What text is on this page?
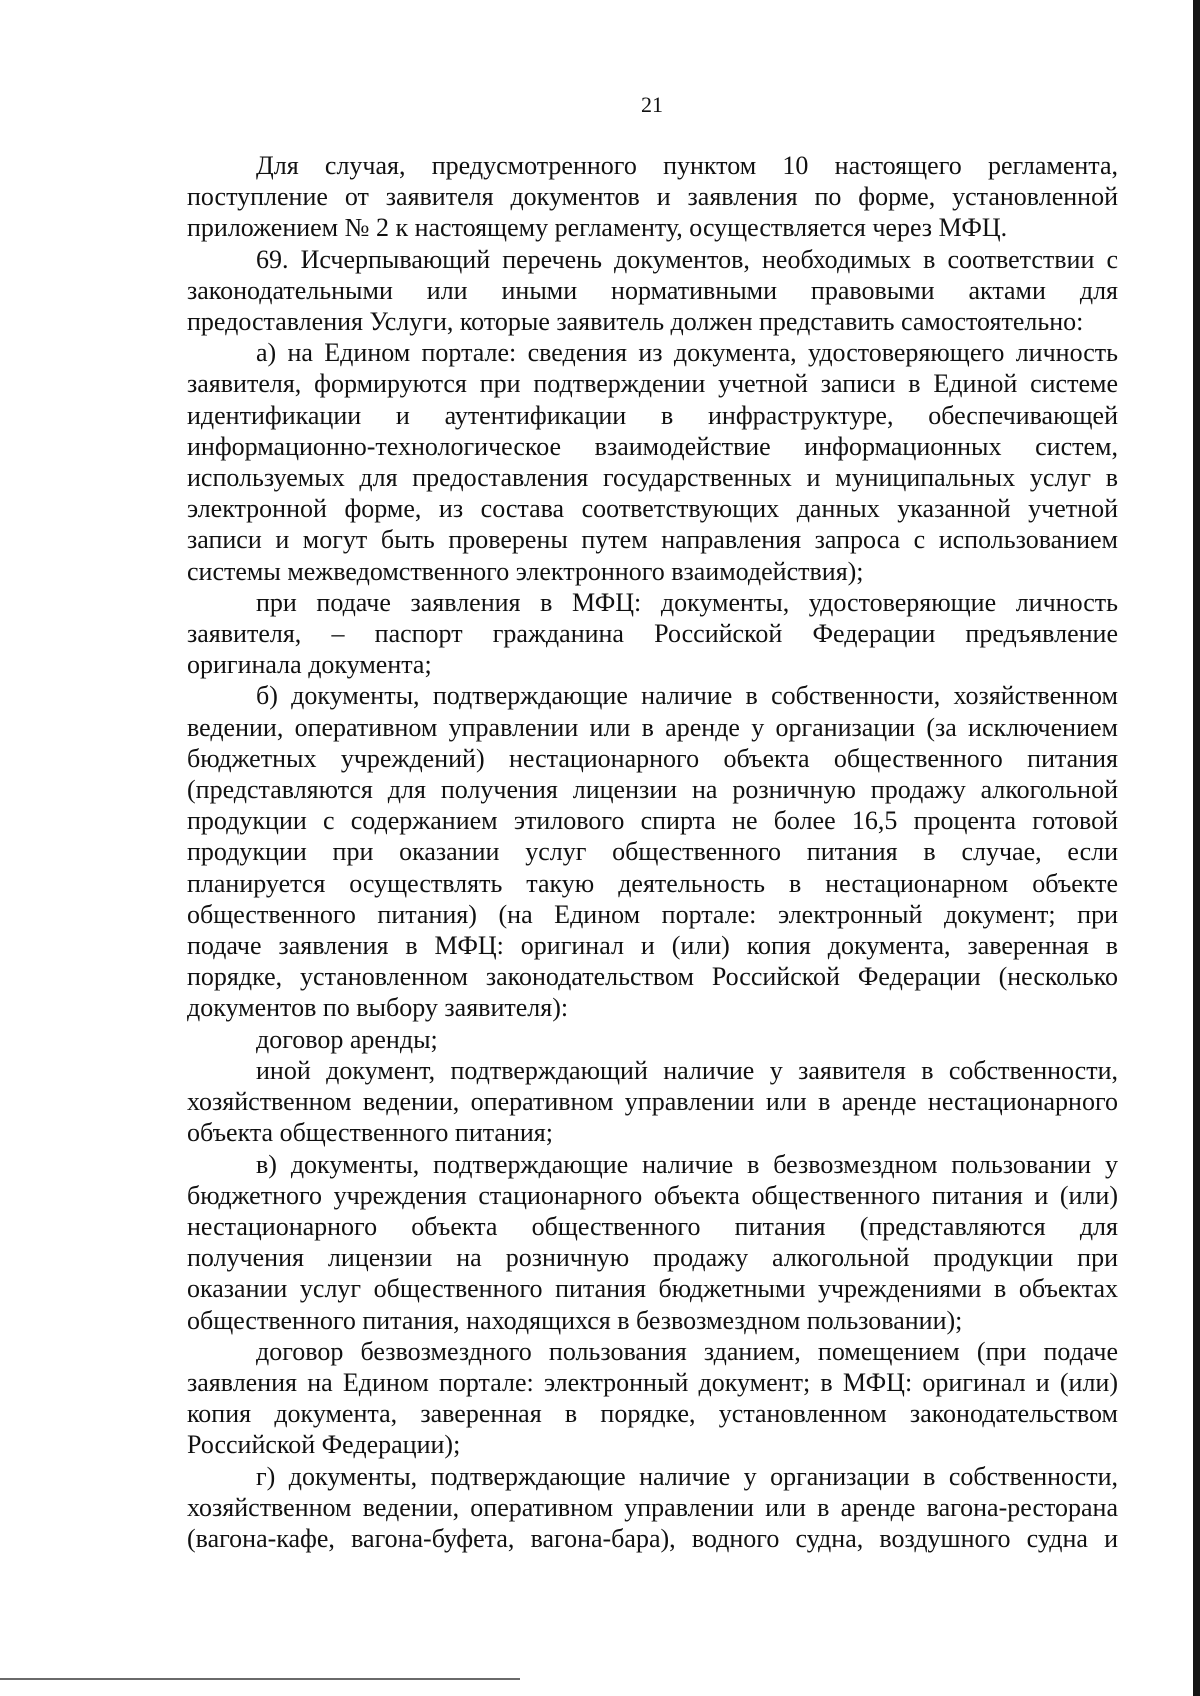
21

Для случая, предусмотренного пунктом 10 настоящего регламента,
поступление от заявителя документов и заявления по форме, установленной
приложением № 2 к настоящему регламенту, осуществляется через МФЦ.

69. Исчерпывающий перечень документов, необходимых в соответствии с
законодательными или иными нормативными правовыми актами для
предоставления Услуги, которые заявитель должен представить самостоятельно:

а) на Едином портале: сведения из документа, удостоверяющего личность
заявителя, формируются при подтверждении учетной записи в Единой системе
идентификации и аутентификации в инфраструктуре, обеспечивающей
информационно-технологическое взаимодействие информационных систем,
используемых для предоставления государственных и муниципальных услуг в
электронной форме, из состава соответствующих данных указанной учетной
записи и могут быть проверены путем направления запроса с использованием
системы межведомственного электронного взаимодействия);

при подаче заявления в МФЦ: документы, удостоверяющие личность
заявителя, – паспорт гражданина Российской Федерации предъявление
оригинала документа;

б) документы, подтверждающие наличие в собственности, хозяйственном
ведении, оперативном управлении или в аренде у организации (за исключением
бюджетных учреждений) нестационарного объекта общественного питания
(представляются для получения лицензии на розничную продажу алкогольной
продукции с содержанием этилового спирта не более 16,5 процента готовой
продукции при оказании услуг общественного питания в случае, если
планируется осуществлять такую деятельность в нестационарном объекте
общественного питания) (на Едином портале: электронный документ; при
подаче заявления в МФЦ: оригинал и (или) копия документа, заверенная в
порядке, установленном законодательством Российской Федерации (несколько
документов по выбору заявителя):

договор аренды;

иной документ, подтверждающий наличие у заявителя в собственности,
хозяйственном ведении, оперативном управлении или в аренде нестационарного
объекта общественного питания;

в) документы, подтверждающие наличие в безвозмездном пользовании у
бюджетного учреждения стационарного объекта общественного питания и (или)
нестационарного объекта общественного питания (представляются для
получения лицензии на розничную продажу алкогольной продукции при
оказании услуг общественного питания бюджетными учреждениями в объектах
общественного питания, находящихся в безвозмездном пользовании);

договор безвозмездного пользования зданием, помещением (при подаче
заявления на Едином портале: электронный документ; в МФЦ: оригинал и (или)
копия документа, заверенная в порядке, установленном законодательством
Российской Федерации);

г) документы, подтверждающие наличие у организации в собственности,
хозяйственном ведении, оперативном управлении или в аренде вагона-ресторана
(вагона-кафе, вагона-буфета, вагона-бара), водного судна, воздушного судна и
